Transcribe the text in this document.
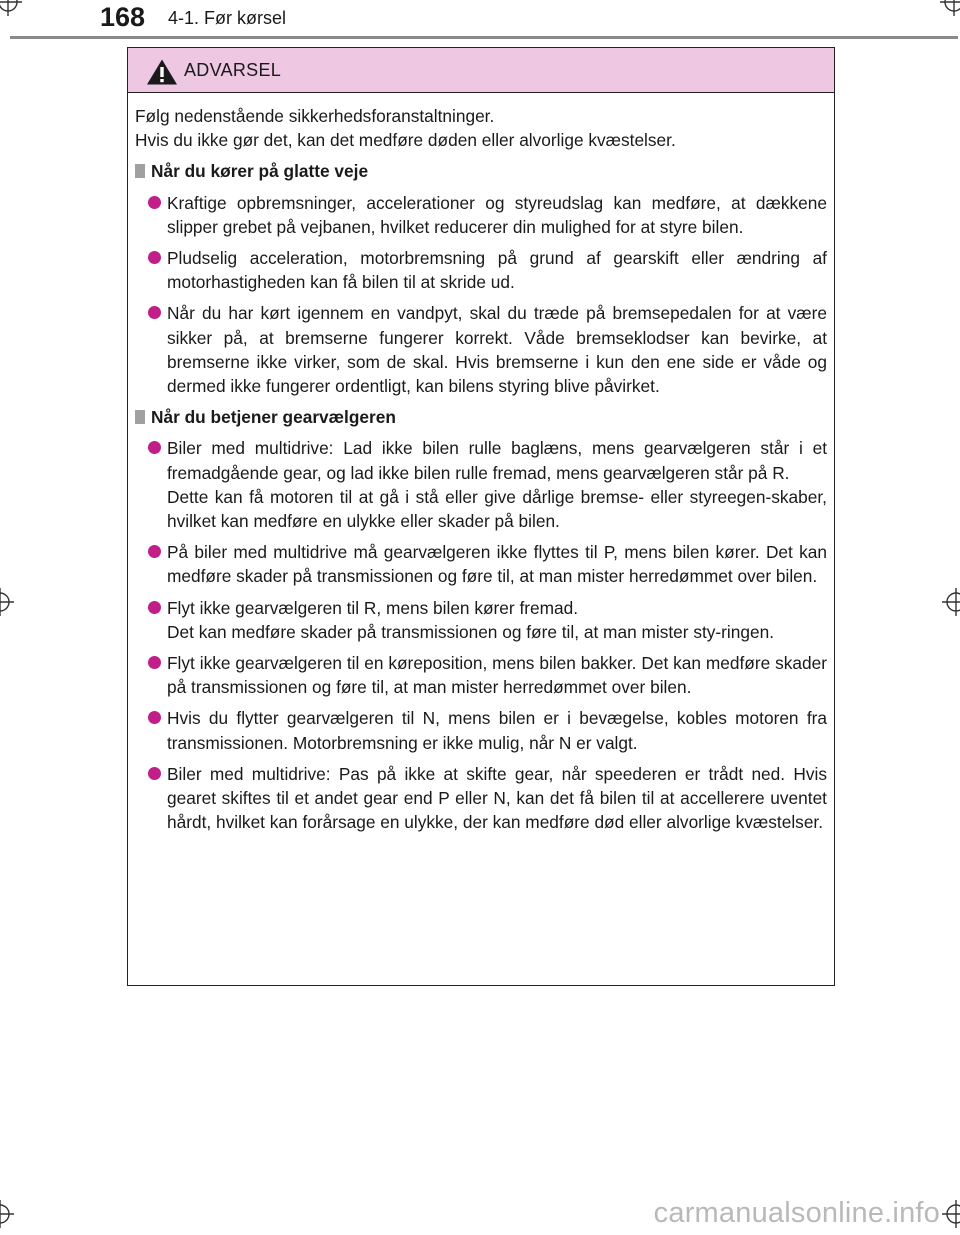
168 4-1. Før kørsel
ADVARSEL

Følg nedenstående sikkerhedsforanstaltninger.

Hvis du ikke gør det, kan det medføre døden eller alvorlige kvæstelser.

Når du kører på glatte veje

Kraftige opbremsninger, accelerationer og styreudslag kan medføre, at dækkene slipper grebet på vejbanen, hvilket reducerer din mulighed for at styre bilen.

Pludselig acceleration, motorbremsning på grund af gearskift eller ændring af motorhastigheden kan få bilen til at skride ud.

Når du har kørt igennem en vandpyt, skal du træde på bremsepedalen for at være sikker på, at bremserne fungerer korrekt. Våde bremseklodser kan bevirke, at bremserne ikke virker, som de skal. Hvis bremserne i kun den ene side er våde og dermed ikke fungerer ordentligt, kan bilens styring blive påvirket.

Når du betjener gearvælgeren

Biler med multidrive: Lad ikke bilen rulle baglæns, mens gearvælgeren står i et fremadgående gear, og lad ikke bilen rulle fremad, mens gearvælgeren står på R.

Dette kan få motoren til at gå i stå eller give dårlige bremse- eller styreegen-skaber, hvilket kan medføre en ulykke eller skader på bilen.

På biler med multidrive må gearvælgeren ikke flyttes til P, mens bilen kører. Det kan medføre skader på transmissionen og føre til, at man mister herredømmet over bilen.

Flyt ikke gearvælgeren til R, mens bilen kører fremad.

Det kan medføre skader på transmissionen og føre til, at man mister sty-ringen.

Flyt ikke gearvælgeren til en køreposition, mens bilen bakker. Det kan medføre skader på transmissionen og føre til, at man mister herredømmet over bilen.

Hvis du flytter gearvælgeren til N, mens bilen er i bevægelse, kobles motoren fra transmissionen. Motorbremsning er ikke mulig, når N er valgt.

Biler med multidrive: Pas på ikke at skifte gear, når speederen er trådt ned. Hvis gearet skiftes til et andet gear end P eller N, kan det få bilen til at accellerere uventet hårdt, hvilket kan forårsage en ulykke, der kan medføre død eller alvorlige kvæstelser.

carmanualsonline.info
